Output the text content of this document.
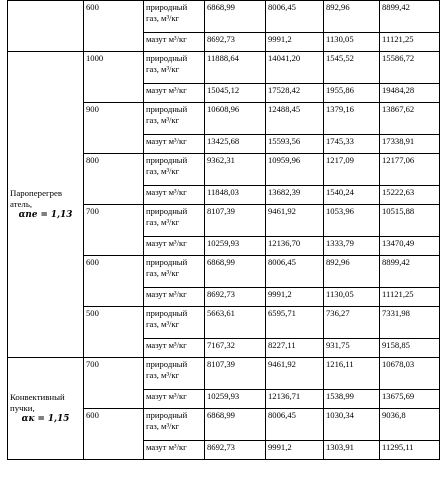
	600	природный газ, м³/кг	6868,99	8006,45	892,96	8899,42
		мазут м³/кг	8692,73	9991,2	1130,05	11121,25

Пароперегрев атель,
αпе = 1,13	1000	природный газ, м³/кг	11888,64	14041,20	1545,52	15586,72
		мазут м³/кг	15045,12	17528,42	1955,86	19484,28
	900	природный газ, м³/кг	10608,96	12488,45	1379,16	13867,62
		мазут м³/кг	13425,68	15593,56	1745,33	17338,91
	800	природный газ, м³/кг	9362,31	10959,96	1217,09	12177,06
		мазут м³/кг	11848,03	13682,39	1540,24	15222,63
	700	природный газ, м³/кг	8107,39	9461,92	1053,96	10515,88
		мазут м³/кг	10259,93	12136,70	1333,79	13470,49
	600	природный газ, м³/кг	6868,99	8006,45	892,96	8899,42
		мазут м³/кг	8692,73	9991,2	1130,05	11121,25
	500	природный газ, м³/кг	5663,61	6595,71	736,27	7331,98
		мазут м³/кг	7167,32	8227,11	931,75	9158,85

Конвективный пучки,
αк = 1,15	700	природный газ, м³/кг	8107,39	9461,92	1216,11	10678,03
		мазут м³/кг	10259,93	12136,71	1538,99	13675,69
	600	природный газ, м³/кг	6868,99	8006,45	1030,34	9036,8
		мазут м³/кг	8692,73	9991,2	1303,91	11295,11
